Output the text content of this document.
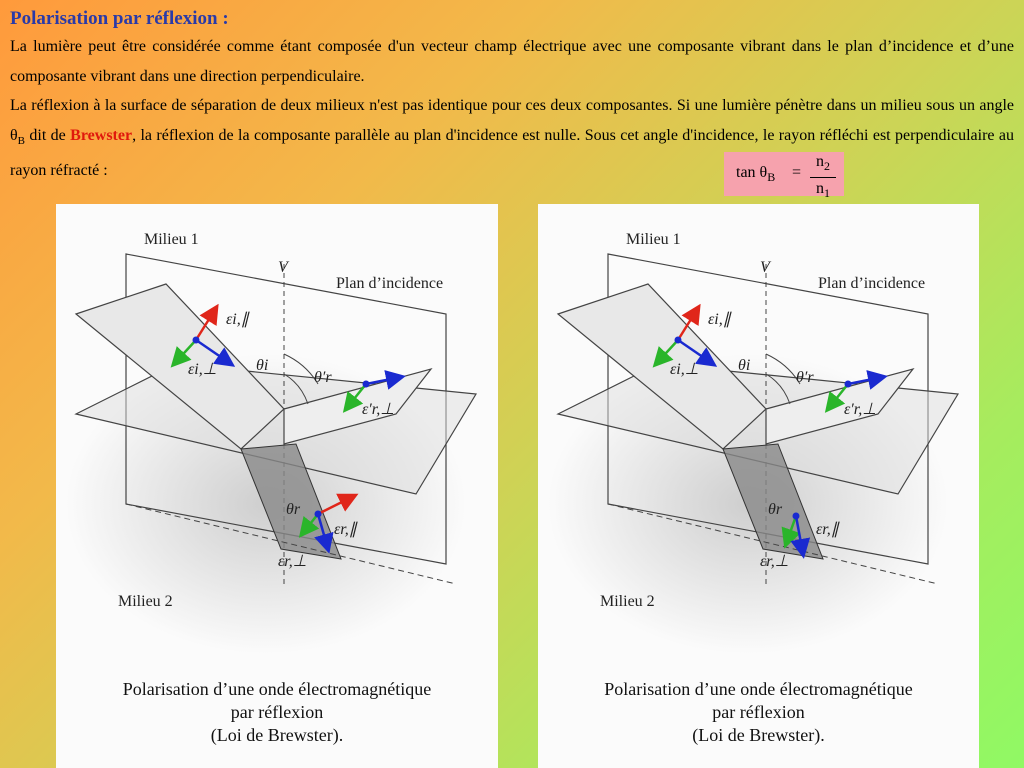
Polarisation par réflexion :
La lumière peut être considérée comme étant composée d'un vecteur champ électrique avec une composante vibrant dans le plan d’incidence et d’une composante vibrant dans une direction perpendiculaire.
La réflexion à la surface de séparation de deux milieux n'est pas identique pour ces deux composantes. Si une lumière pénètre dans un milieu sous un angle $\theta_B$ dit de Brewster, la réflexion de la composante parallèle au plan d'incidence est nulle. Sous cet angle d'incidence, le rayon réfléchi est perpendiculaire au rayon réfracté :	$\tan \theta_B$ =
$n_2$
$n_1$
Milieu 1
V
Plan d’incidence
θi
θ′r
θr
εi,∥
εi,⊥
ε′r,⊥
εr,∥
εr,⊥
Milieu 2
Polarisation d’une onde électromagnétique
par réflexion
(Loi de Brewster).
Milieu 1
V
Plan d’incidence
θi
θ′r
θr
εi,∥
εi,⊥
ε′r,⊥
εr,∥
εr,⊥
Milieu 2
Polarisation d’une onde électromagnétique
par réflexion
(Loi de Brewster).
